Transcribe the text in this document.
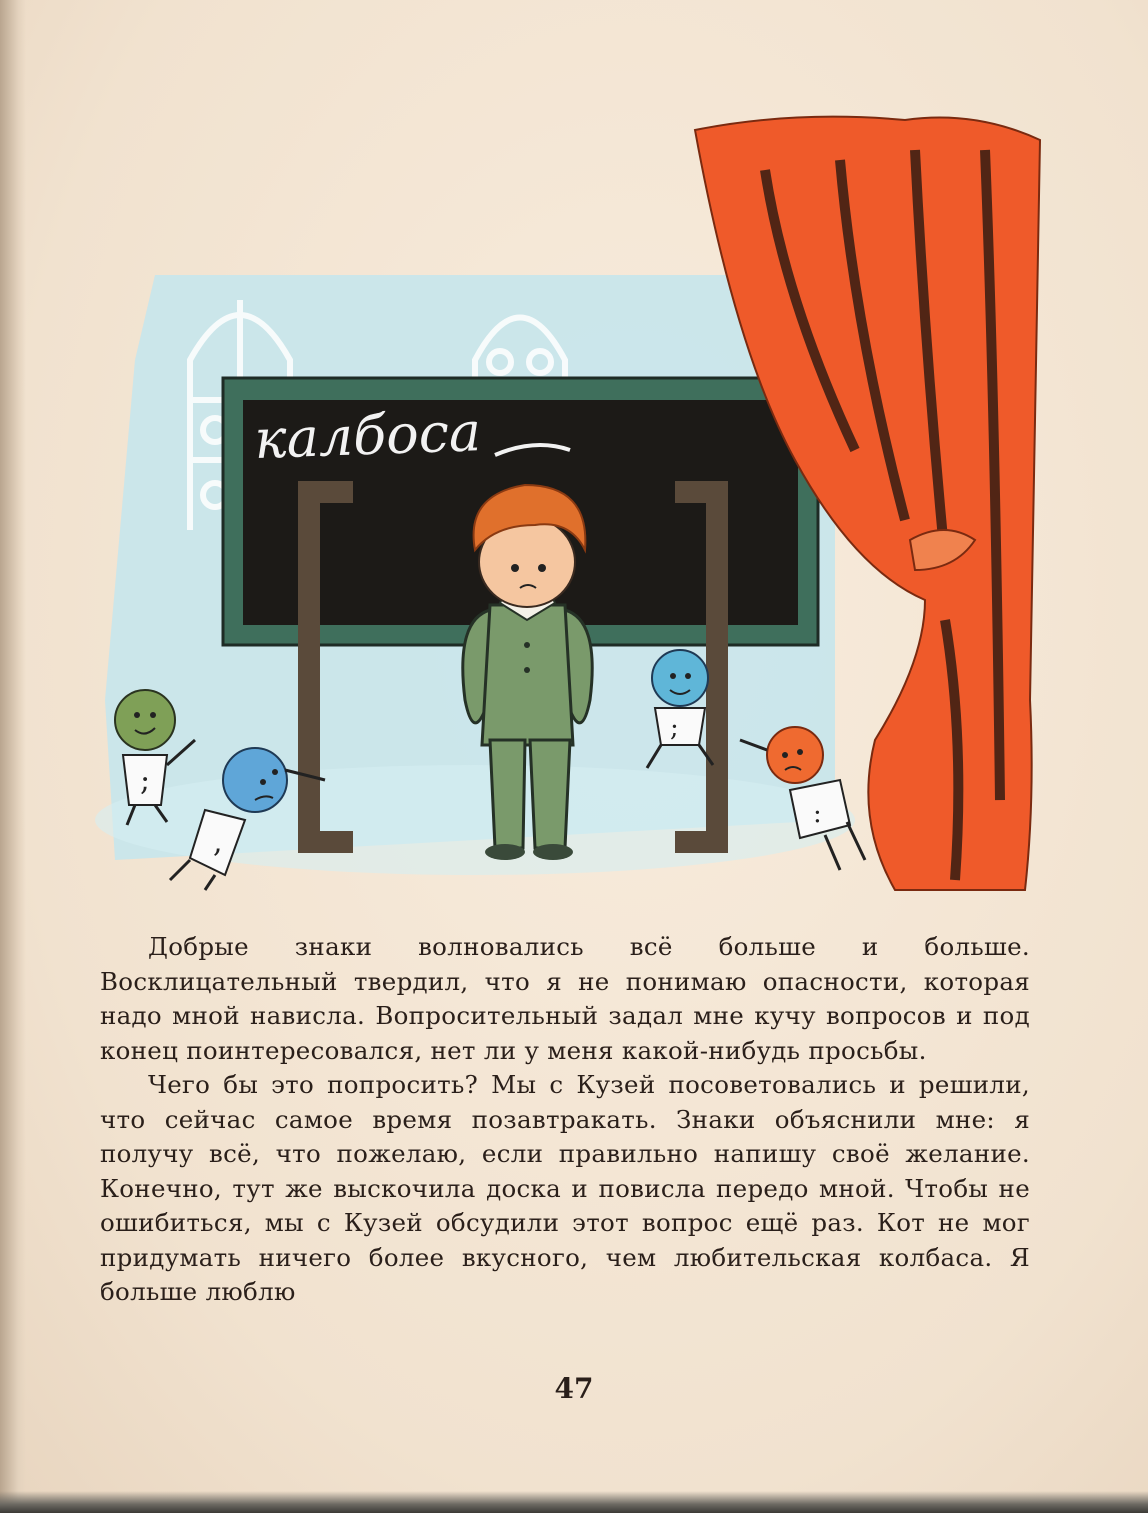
калбоса
;
,
;
:

Добрые знаки волновались всё больше и больше. Восклицательный твердил, что я не понимаю опасности, которая надо мной нависла. Вопросительный задал мне кучу вопросов и под конец поинтересовался, нет ли у меня какой-нибудь просьбы.

Чего бы это попросить? Мы с Кузей посоветовались и решили, что сейчас самое время позавтракать. Знаки объяснили мне: я получу всё, что пожелаю, если правильно напишу своё желание. Конечно, тут же выскочила доска и повисла передо мной. Чтобы не ошибиться, мы с Кузей обсудили этот вопрос ещё раз. Кот не мог придумать ничего более вкусного, чем любительская колбаса. Я больше люблю

47
